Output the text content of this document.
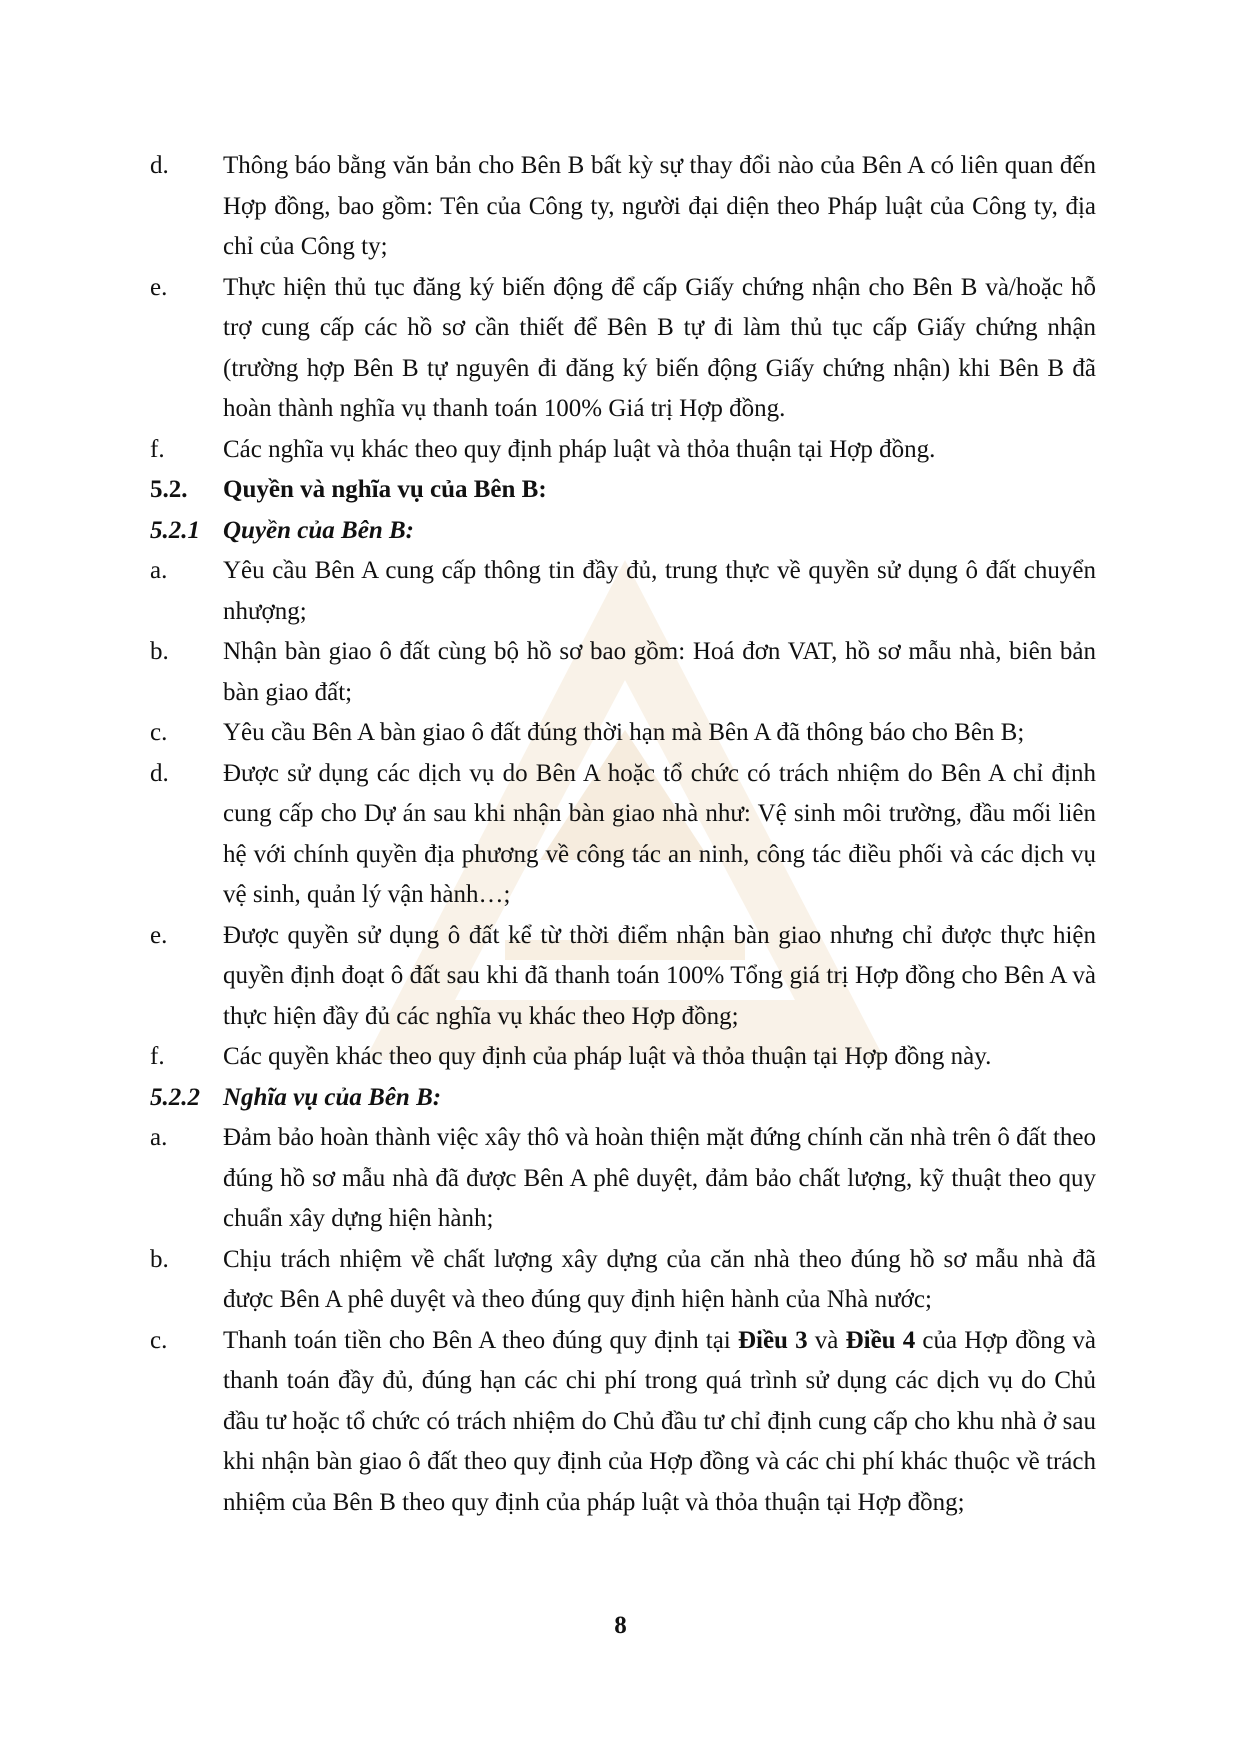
d.	Thông báo bằng văn bản cho Bên B bất kỳ sự thay đổi nào của Bên A có liên quan đến Hợp đồng, bao gồm: Tên của Công ty, người đại diện theo Pháp luật của Công ty, địa chỉ của Công ty;
e.	Thực hiện thủ tục đăng ký biến động để cấp Giấy chứng nhận cho Bên B và/hoặc hỗ trợ cung cấp các hồ sơ cần thiết để Bên B tự đi làm thủ tục cấp Giấy chứng nhận (trường hợp Bên B tự nguyên đi đăng ký biến động Giấy chứng nhận) khi Bên B đã hoàn thành nghĩa vụ thanh toán 100% Giá trị Hợp đồng.
f.	Các nghĩa vụ khác theo quy định pháp luật và thỏa thuận tại Hợp đồng.
5.2.	Quyền và nghĩa vụ của Bên B:
5.2.1 Quyền của Bên B:
a.	Yêu cầu Bên A cung cấp thông tin đầy đủ, trung thực về quyền sử dụng ô đất chuyển nhượng;
b.	Nhận bàn giao ô đất cùng bộ hồ sơ bao gồm: Hoá đơn VAT, hồ sơ mẫu nhà, biên bản bàn giao đất;
c.	Yêu cầu Bên A bàn giao ô đất đúng thời hạn mà Bên A đã thông báo cho Bên B;
d.	Được sử dụng các dịch vụ do Bên A hoặc tổ chức có trách nhiệm do Bên A chỉ định cung cấp cho Dự án sau khi nhận bàn giao nhà như: Vệ sinh môi trường, đầu mối liên hệ với chính quyền địa phương về công tác an ninh, công tác điều phối và các dịch vụ vệ sinh, quản lý vận hành…;
e.	Được quyền sử dụng ô đất kể từ thời điểm nhận bàn giao nhưng chỉ được thực hiện quyền định đoạt ô đất sau khi đã thanh toán 100% Tổng giá trị Hợp đồng cho Bên A và thực hiện đầy đủ các nghĩa vụ khác theo Hợp đồng;
f.	Các quyền khác theo quy định của pháp luật và thỏa thuận tại Hợp đồng này.
5.2.2 Nghĩa vụ của Bên B:
a.	Đảm bảo hoàn thành việc xây thô và hoàn thiện mặt đứng chính căn nhà trên ô đất theo đúng hồ sơ mẫu nhà đã được Bên A phê duyệt, đảm bảo chất lượng, kỹ thuật theo quy chuẩn xây dựng hiện hành;
b.	Chịu trách nhiệm về chất lượng xây dựng của căn nhà theo đúng hồ sơ mẫu nhà đã được Bên A phê duyệt và theo đúng quy định hiện hành của Nhà nước;
c.	Thanh toán tiền cho Bên A theo đúng quy định tại Điều 3 và Điều 4 của Hợp đồng và thanh toán đầy đủ, đúng hạn các chi phí trong quá trình sử dụng các dịch vụ do Chủ đầu tư hoặc tổ chức có trách nhiệm do Chủ đầu tư chỉ định cung cấp cho khu nhà ở sau khi nhận bàn giao ô đất theo quy định của Hợp đồng và các chi phí khác thuộc về trách nhiệm của Bên B theo quy định của pháp luật và thỏa thuận tại Hợp đồng;
8
